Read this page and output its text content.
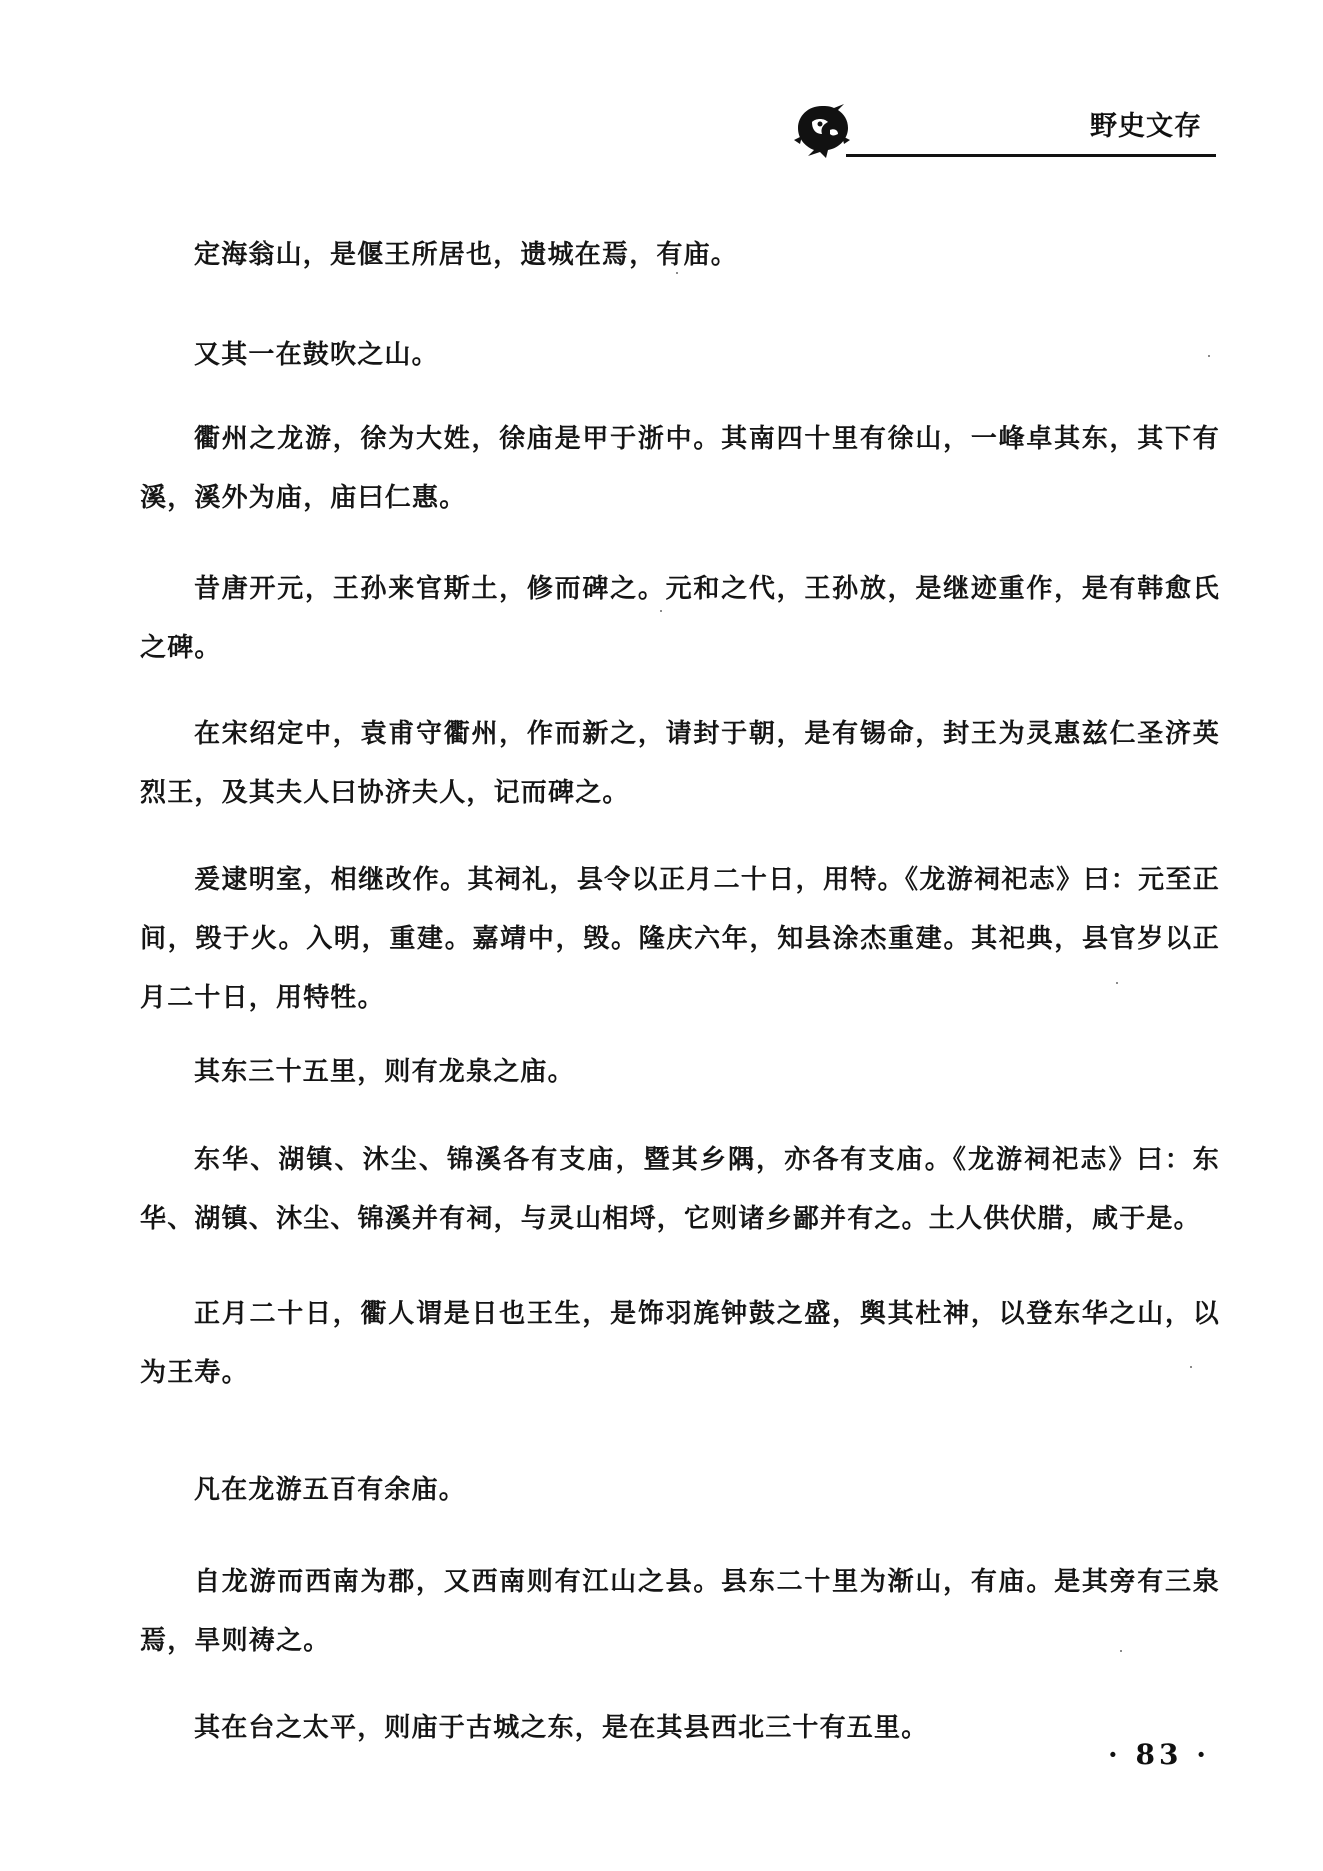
野史文存

定海翁山，是偃王所居也，遗城在焉，有庙。

又其一在鼓吹之山。

衢州之龙游，徐为大姓，徐庙是甲于浙中。其南四十里有徐山，一峰卓其东，其下有溪，溪外为庙，庙曰仁惠。

昔唐开元，王孙来官斯土，修而碑之。元和之代，王孙放，是继迹重作，是有韩愈氏之碑。

在宋绍定中，袁甫守衢州，作而新之，请封于朝，是有锡命，封王为灵惠兹仁圣济英烈王，及其夫人曰协济夫人，记而碑之。

爰逮明室，相继改作。其祠礼，县令以正月二十日，用特。《龙游祠祀志》曰：元至正间，毁于火。入明，重建。嘉靖中，毁。隆庆六年，知县涂杰重建。其祀典，县官岁以正月二十日，用特牲。

其东三十五里，则有龙泉之庙。

东华、湖镇、沐尘、锦溪各有支庙，暨其乡隅，亦各有支庙。《龙游祠祀志》曰：东华、湖镇、沐尘、锦溪并有祠，与灵山相埒，它则诸乡鄙并有之。土人供伏腊，咸于是。

正月二十日，衢人谓是日也王生，是饰羽旄钟鼓之盛，舆其杜神，以登东华之山，以为王寿。

凡在龙游五百有余庙。

自龙游而西南为郡，又西南则有江山之县。县东二十里为渐山，有庙。是其旁有三泉焉，旱则祷之。

其在台之太平，则庙于古城之东，是在其县西北三十有五里。

· 83 ·
